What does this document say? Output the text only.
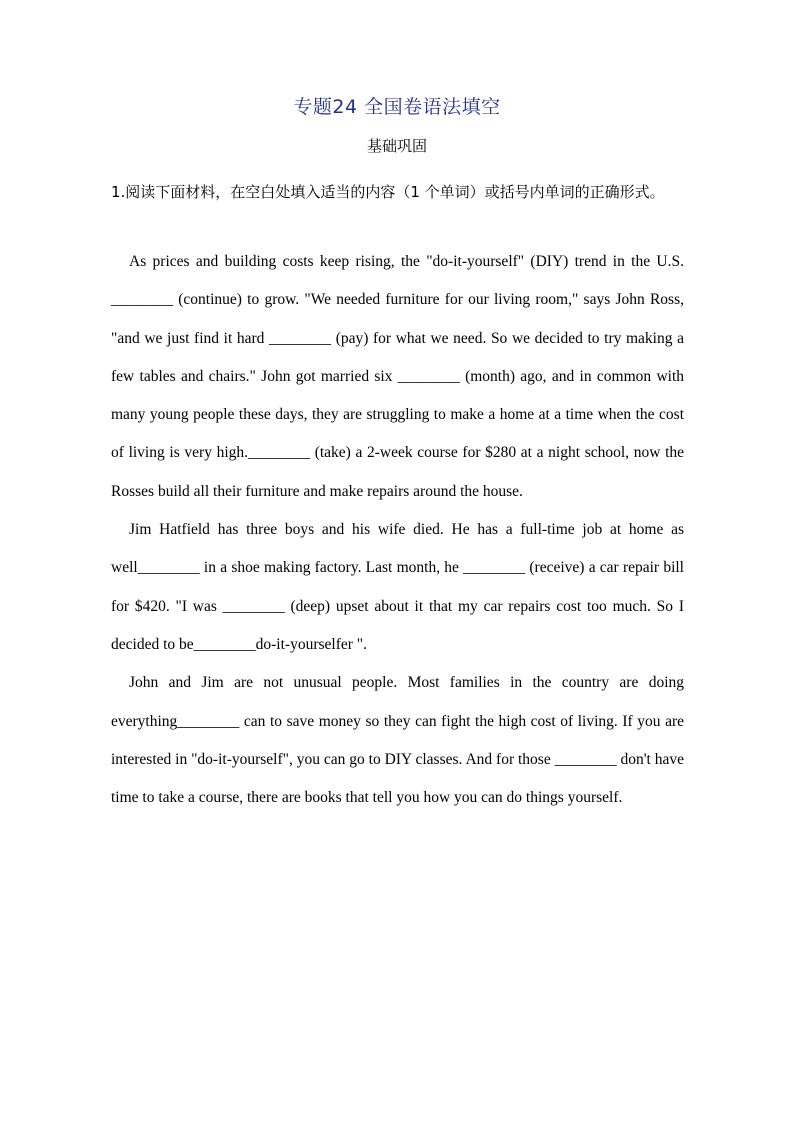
专题24 全国卷语法填空
基础巩固
1.阅读下面材料，在空白处填入适当的内容（1 个单词）或括号内单词的正确形式。

As prices and building costs keep rising, the "do-it-yourself" (DIY) trend in the U.S. ________ (continue) to grow. "We needed furniture for our living room," says John Ross, "and we just find it hard ________ (pay) for what we need. So we decided to try making a few tables and chairs." John got married six ________ (month) ago, and in common with many young people these days, they are struggling to make a home at a time when the cost of living is very high.________ (take) a 2-week course for $280 at a night school, now the Rosses build all their furniture and make repairs around the house.

Jim Hatfield has three boys and his wife died. He has a full-time job at home as well________ in a shoe making factory. Last month, he ________ (receive) a car repair bill for $420. "I was ________ (deep) upset about it that my car repairs cost too much. So I decided to be________do-it-yourselfer ".

John and Jim are not unusual people. Most families in the country are doing everything________ can to save money so they can fight the high cost of living. If you are interested in "do-it-yourself", you can go to DIY classes. And for those ________ don't have time to take a course, there are books that tell you how you can do things yourself.
